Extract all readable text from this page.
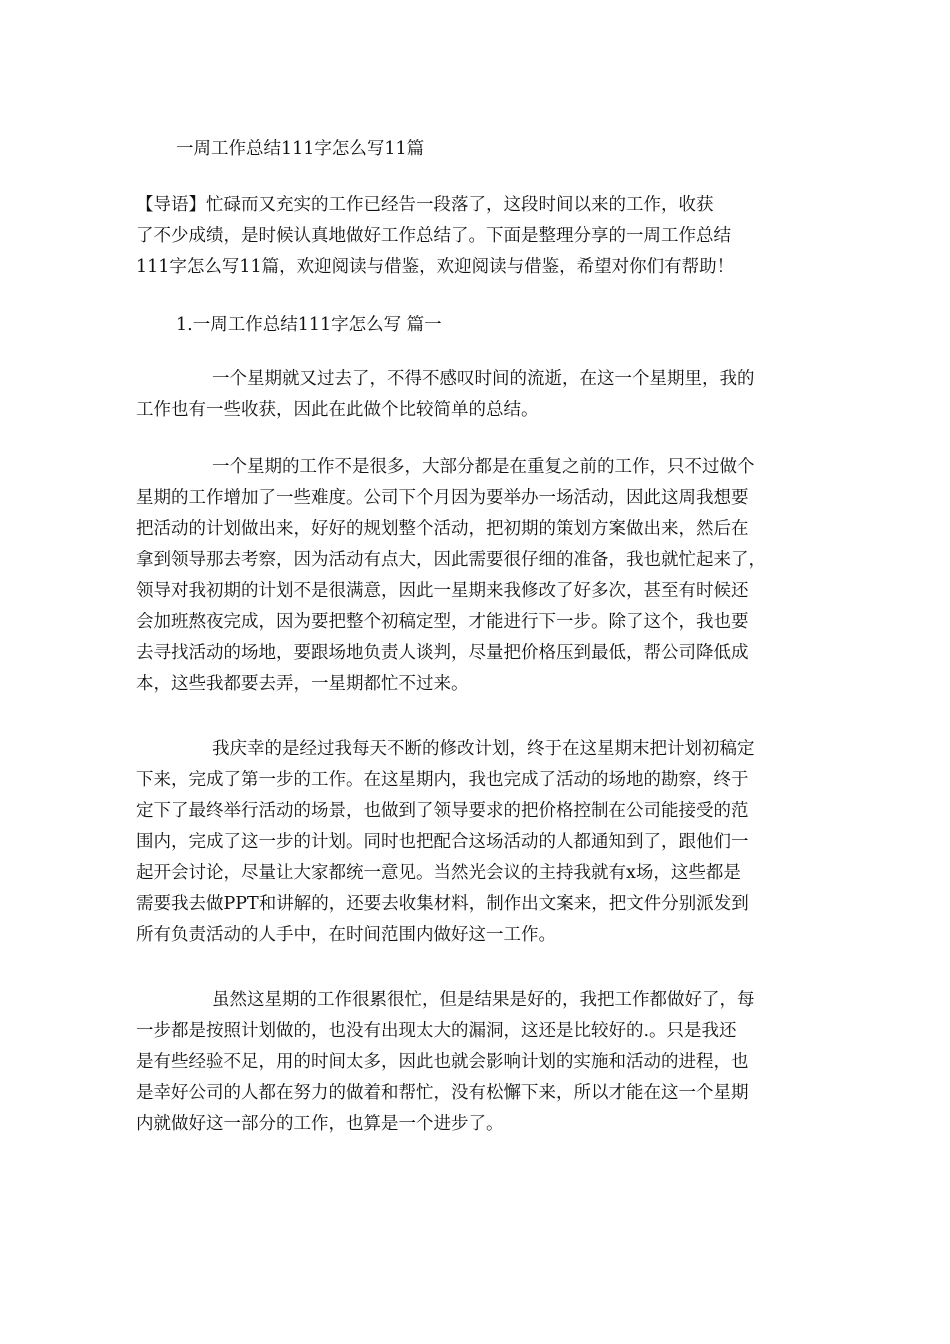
一周工作总结111字怎么写11篇
【导语】忙碌而又充实的工作已经告一段落了，这段时间以来的工作，收获
了不少成绩，是时候认真地做好工作总结了。下面是整理分享的一周工作总结
111字怎么写11篇，欢迎阅读与借鉴，欢迎阅读与借鉴，希望对你们有帮助！
1.一周工作总结111字怎么写 篇一
一个星期就又过去了，不得不感叹时间的流逝，在这一个星期里，我的
工作也有一些收获，因此在此做个比较简单的总结。
一个星期的工作不是很多，大部分都是在重复之前的工作，只不过做个
星期的工作增加了一些难度。公司下个月因为要举办一场活动，因此这周我想要
把活动的计划做出来，好好的规划整个活动，把初期的策划方案做出来，然后在
拿到领导那去考察，因为活动有点大，因此需要很仔细的准备，我也就忙起来了，
领导对我初期的计划不是很满意，因此一星期来我修改了好多次，甚至有时候还
会加班熬夜完成，因为要把整个初稿定型，才能进行下一步。除了这个，我也要
去寻找活动的场地，要跟场地负责人谈判，尽量把价格压到最低，帮公司降低成
本，这些我都要去弄，一星期都忙不过来。
我庆幸的是经过我每天不断的修改计划，终于在这星期末把计划初稿定
下来，完成了第一步的工作。在这星期内，我也完成了活动的场地的勘察，终于
定下了最终举行活动的场景，也做到了领导要求的把价格控制在公司能接受的范
围内，完成了这一步的计划。同时也把配合这场活动的人都通知到了，跟他们一
起开会讨论，尽量让大家都统一意见。当然光会议的主持我就有x场，这些都是
需要我去做PPT和讲解的，还要去收集材料，制作出文案来，把文件分别派发到
所有负责活动的人手中，在时间范围内做好这一工作。
虽然这星期的工作很累很忙，但是结果是好的，我把工作都做好了，每
一步都是按照计划做的，也没有出现太大的漏洞，这还是比较好的.。只是我还
是有些经验不足，用的时间太多，因此也就会影响计划的实施和活动的进程，也
是幸好公司的人都在努力的做着和帮忙，没有松懈下来，所以才能在这一个星期
内就做好这一部分的工作，也算是一个进步了。
